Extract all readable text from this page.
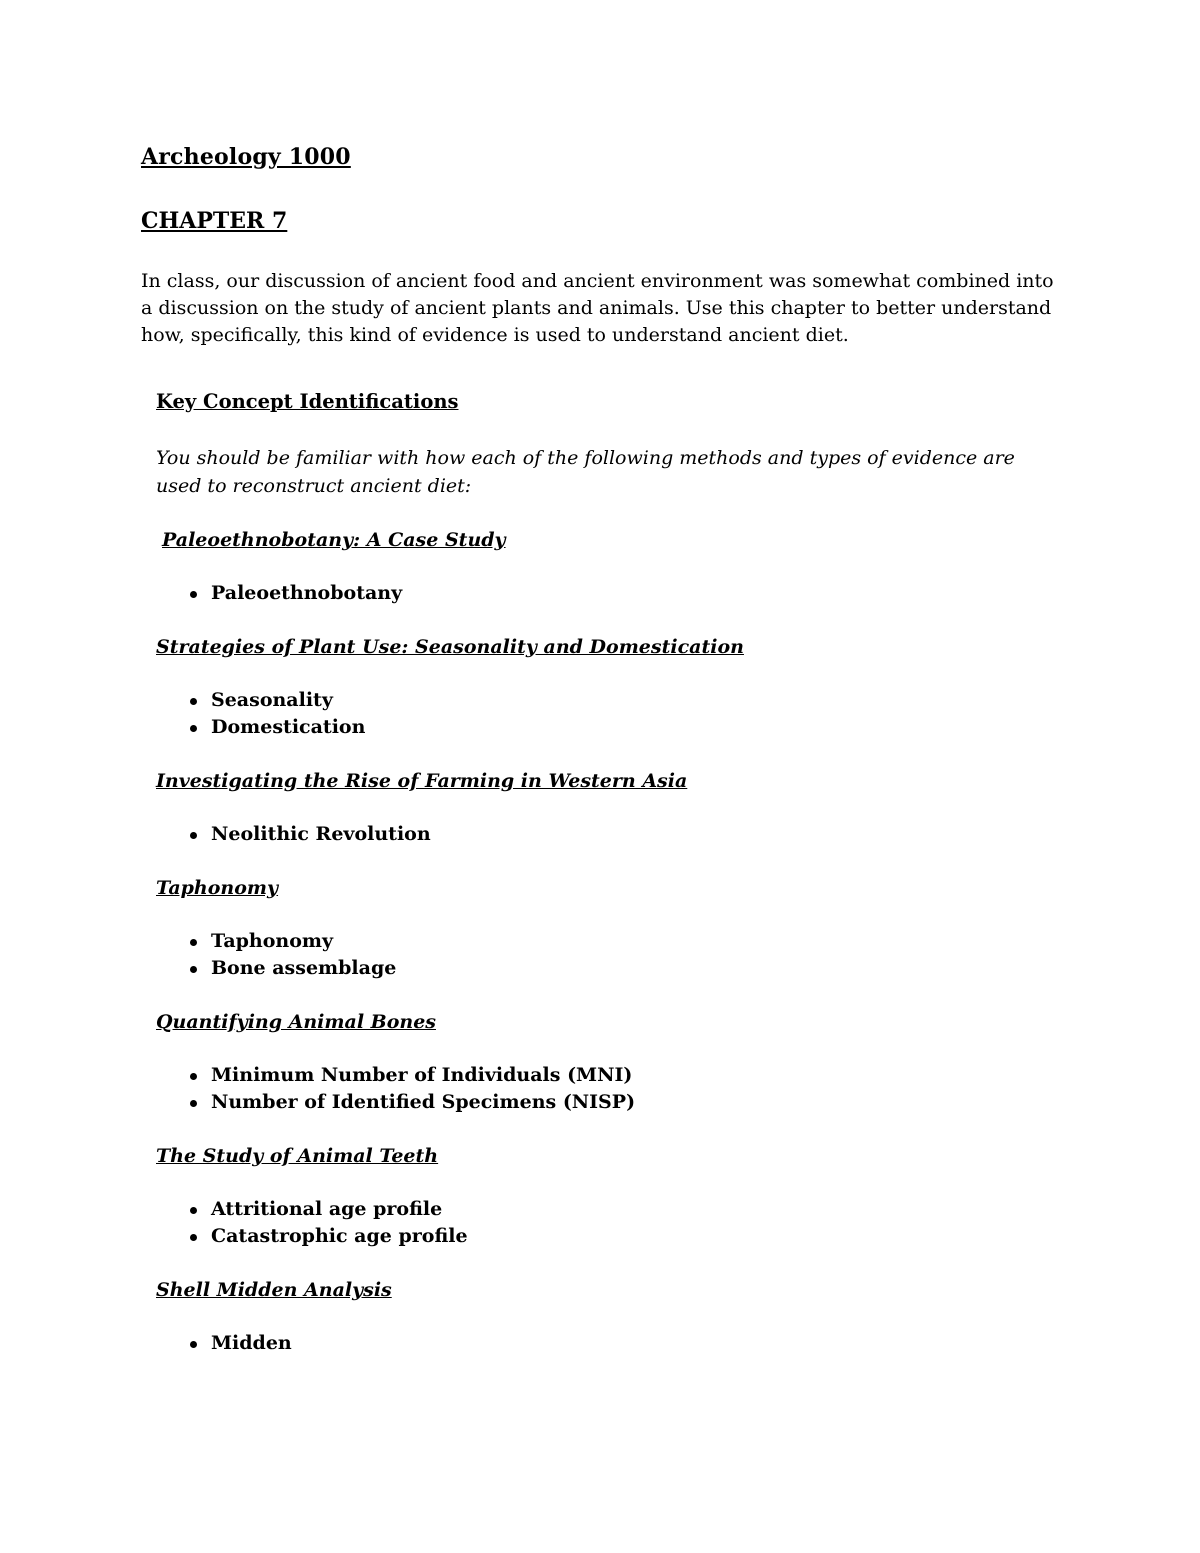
Archeology 1000
CHAPTER 7

In class, our discussion of ancient food and ancient environment was somewhat combined into a discussion on the study of ancient plants and animals. Use this chapter to better understand how, specifically, this kind of evidence is used to understand ancient diet.

Key Concept Identifications

You should be familiar with how each of the following methods and types of evidence are used to reconstruct ancient diet:

Paleoethnobotany: A Case Study
Paleoethnobotany
Strategies of Plant Use: Seasonality and Domestication
Seasonality
Domestication
Investigating the Rise of Farming in Western Asia
Neolithic Revolution
Taphonomy
Taphonomy
Bone assemblage
Quantifying Animal Bones
Minimum Number of Individuals (MNI)
Number of Identified Specimens (NISP)
The Study of Animal Teeth
Attritional age profile
Catastrophic age profile
Shell Midden Analysis
Midden
